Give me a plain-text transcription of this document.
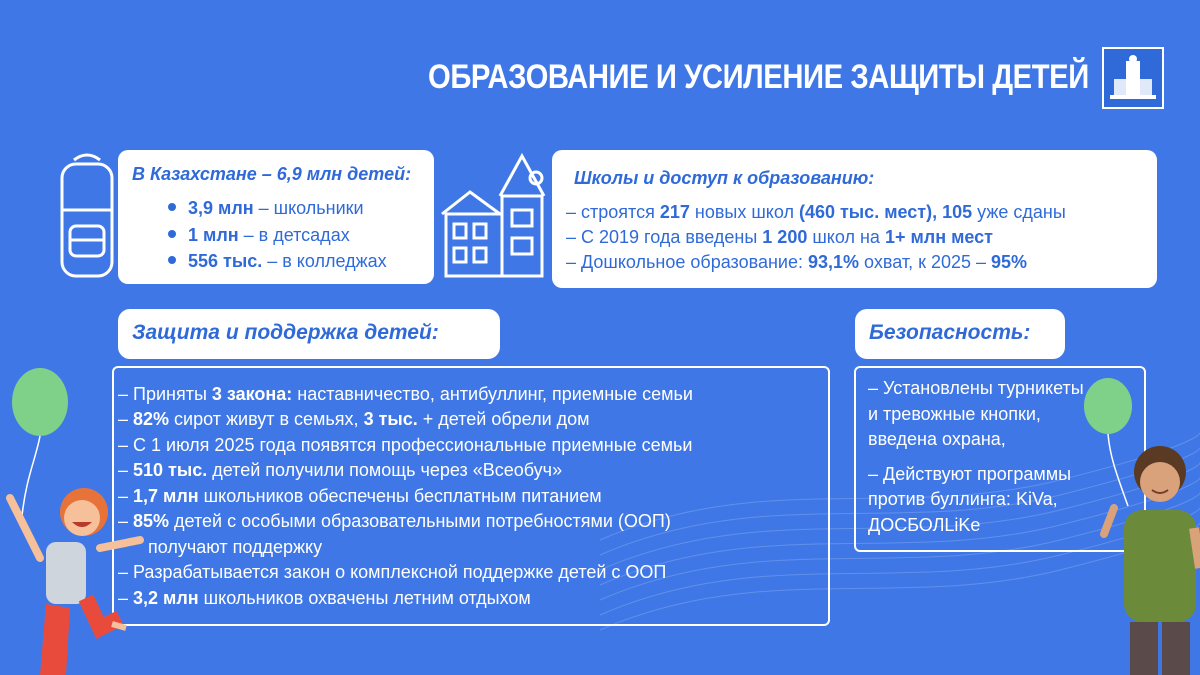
ОБРАЗОВАНИЕ И УСИЛЕНИЕ ЗАЩИТЫ ДЕТЕЙ
В Казахстане – 6,9 млн детей:
3,9 млн – школьники
1 млн – в детсадах
556 тыс. – в колледжах
Школы и доступ к образованию:
– строятся 217 новых школ (460 тыс. мест), 105 уже сданы
– С 2019 года введены 1 200 школ на 1+ млн мест
– Дошкольное образование: 93,1% охват, к 2025 – 95%
Защита и поддержка детей:	Безопасность:
– Приняты 3 закона: наставничество, антибуллинг, приемные семьи
– 82% сирот живут в семьях, 3 тыс. + детей обрели дом
– С 1 июля 2025 года появятся профессиональные приемные семьи
– 510 тыс. детей получили помощь через «Всеобуч»
– 1,7 млн школьников обеспечены бесплатным питанием
– 85% детей с особыми образовательными потребностями (ООП)
получают поддержку
– Разрабатывается закон о комплексной поддержке детей с ООП
– 3,2 млн школьников охвачены летним отдыхом
– Установлены турникеты
и тревожные кнопки,
введена охрана,
– Действуют программы
против буллинга: KiVa,
ДОСБОЛLiKe
